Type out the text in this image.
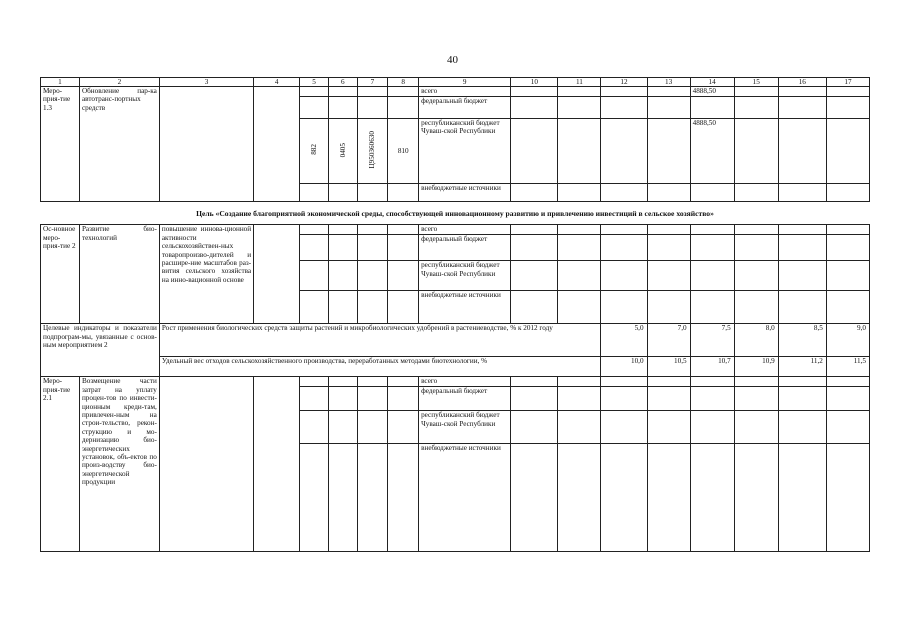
40
1	2	3	4	5	6	7	8	9	10	11	12	13	14	15	16	17
Меро-прия-тие 1.3	Обновление пар-ка автотранс-портных средств							всего					4888,50			
								федеральный бюджет								
				882	0405	Ц950360630	810	республиканский бюджет Чуваш-ской Республики					4888,50			
								внебюджетные источники								
Цель «Создание благоприятной экономической среды, способствующей инновационному развитию и привлечению инвестиций в сельское хозяйство»																
Ос-новное меро-прия-тие 2	Развитие био-технологий	повышение иннова-ционной активности сельскохозяйствен-ных товаропроизво-дителей и расшире-ние масштабов раз-вития сельского хозяйства на инно-вационной основе						всего								
								федеральный бюджет								
								республиканский бюджет Чуваш-ской Республики								
								внебюджетные источники								
Целевые индикаторы и показатели подпрограм-мы, увязанные с основ-ным мероприятием 2		Рост применения биологических средств защиты растений и микробиологических удобрений в растениеводстве, % к 2012 году									5,0	7,0	7,5	8,0	8,5	9,0
		Удельный вес отходов сельскохозяйственного производства, переработанных методами биотехнологии, %									10,0	10,5	10,7	10,9	11,2	11,5
Меро-прия-тие 2.1	Возмещение части затрат на уплату процен-тов по инвести-ционным креди-там, привлечен-ным на строи-тельство, рекон-струкцию и мо-дернизацию био-энергетических установок, объ-ектов по произ-водству био-энергетической продукции							всего								
								федеральный бюджет								
								республиканский бюджет Чуваш-ской Республики								
								внебюджетные источники								
